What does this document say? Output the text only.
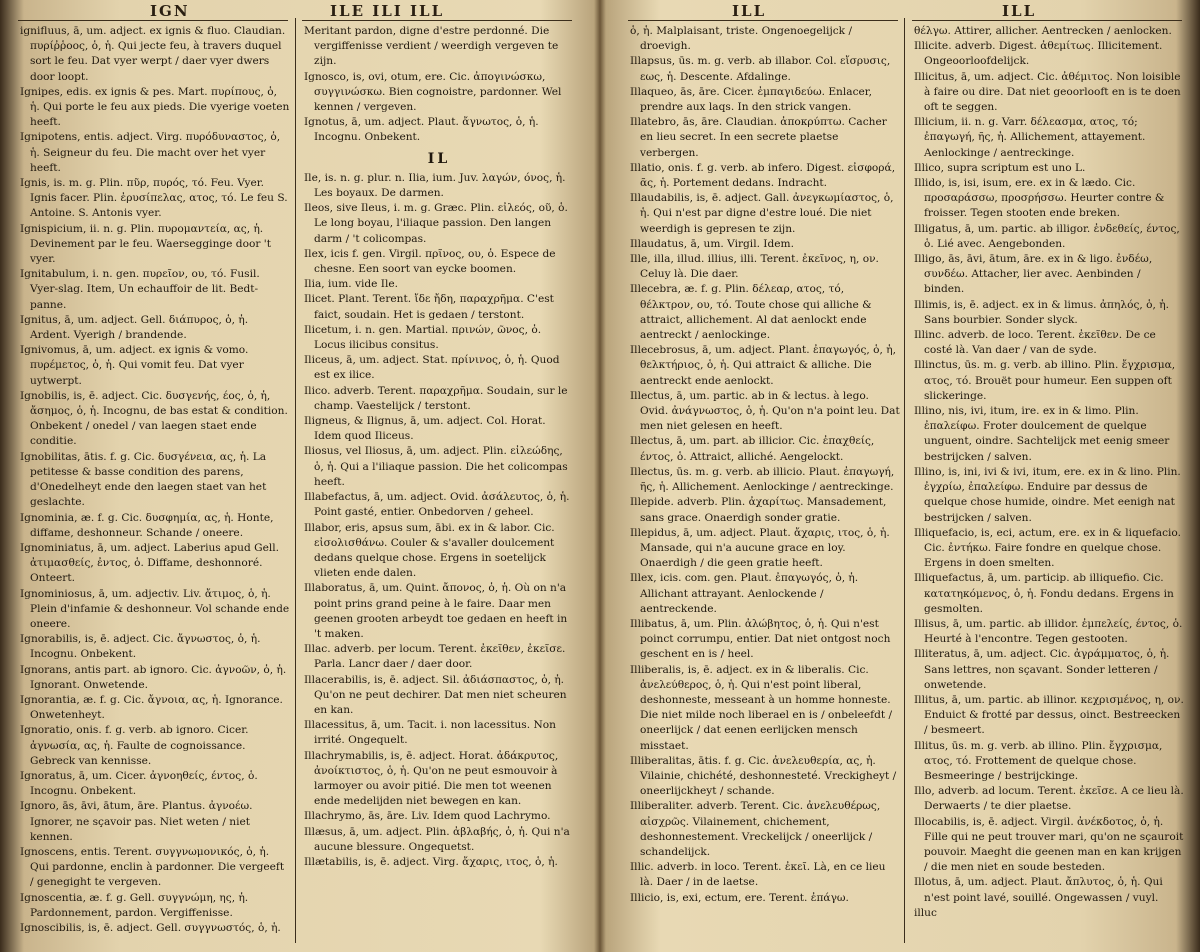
IGN	ILE ILI ILL

ignifluus, ā, um. adject. ex ignis & fluo. Claudian. πυρίῤῥοος, ὁ, ἡ. Qui jecte feu, à travers duquel sort le feu. Dat vyer werpt / daer vyer dwers door loopt.

Ignipes, edis. ex ignis & pes. Mart. πυρίπους, ὁ, ἡ. Qui porte le feu aux pieds. Die vyerige voeten heeft.

Ignipotens, entis. adject. Virg. πυρόδυναστος, ὁ, ἡ. Seigneur du feu. Die macht over het vyer heeft.

Ignis, is. m. g. Plin. πῦρ, πυρός, τό. Feu. Vyer. Ignis facer. Plin. ἐρυσίπελας, ατος, τό. Le feu S. Antoine. S. Antonis vyer.

Ignispicium, ii. n. g. Plin. πυρομαντεία, ας, ἡ. Devinement par le feu. Waersegginge door 't vyer.

Ignitabulum, i. n. gen. πυρεῖον, ου, τό. Fusil. Vyer-slag. Item, Un echauffoir de lit. Bedt-panne.

Ignitus, ā, um. adject. Gell. διάπυρος, ὁ, ἡ. Ardent. Vyerigh / brandende.

Ignivomus, ā, um. adject. ex ignis & vomo. πυρέμετος, ὁ, ἡ. Qui vomit feu. Dat vyer uytwerpt.

Ignobilis, is, ē. adject. Cic. δυσγενής, έος, ὁ, ἡ, ἄσημος, ὁ, ἡ. Incognu, de bas estat & condition. Onbekent / onedel / van laegen staet ende conditie.

Ignobilitas, ātis. f. g. Cic. δυσγένεια, ας, ἡ. La petitesse & basse condition des parens, d'Onedelheyt ende den laegen staet van het geslachte.

Ignominia, æ. f. g. Cic. δυσφημία, ας, ἡ. Honte, diffame, deshonneur. Schande / oneere.

Ignominiatus, ā, um. adject. Laberius apud Gell. ἀτιμασθείς, ἐντος, ὁ. Diffame, deshonnoré. Onteert.

Ignominiosus, ā, um. adjectiv. Liv. ἄτιμος, ὁ, ἡ. Plein d'infamie & deshonneur. Vol schande ende oneere.

Ignorabilis, is, ē. adject. Cic. ἄγνωστος, ὁ, ἡ. Incognu. Onbekent.

Ignorans, antis part. ab ignoro. Cic. ἀγνοῶν, ὁ, ἡ. Ignorant. Onwetende.

Ignorantia, æ. f. g. Cic. ἄγνοια, ας, ἡ. Ignorance. Onwetenheyt.

Ignoratio, onis. f. g. verb. ab ignoro. Cicer. ἀγνωσία, ας, ἡ. Faulte de cognoissance. Gebreck van kennisse.

Ignoratus, ā, um. Cicer. ἀγνοηθείς, έντος, ὁ. Incognu. Onbekent.

Ignoro, ās, āvi, ātum, āre. Plantus. ἀγνοέω. Ignorer, ne sçavoir pas. Niet weten / niet kennen.

Ignoscens, entis. Terent. συγγνωμονικός, ὁ, ἡ. Qui pardonne, enclin à pardonner. Die vergeeft / genegight te vergeven.

Ignoscentia, æ. f. g. Gell. συγγνώμη, ης, ἡ. Pardonnement, pardon. Vergiffenisse.

Ignoscibilis, is, ē. adject. Gell. συγγνωστός, ὁ, ἡ.

Meritant pardon, digne d'estre perdonné. Die vergiffenisse verdient / weerdigh vergeven te zijn.

Ignosco, is, ovi, otum, ere. Cic. ἀπογινώσκω, συγγινώσκω. Bien cognoistre, pardonner. Wel kennen / vergeven.

Ignotus, ā, um. adject. Plaut. ἄγνωτος, ὁ, ἡ. Incognu. Onbekent.

IL

Ile, is. n. g. plur. n. Ilia, ium. Juv. λαγών, όνος, ἡ. Les boyaux. De darmen.

Ileos, sive Ileus, i. m. g. Græc. Plin. εἰλεός, οῦ, ὁ. Le long boyau, l'iliaque passion. Den langen darm / 't colicompas.

Ilex, icis f. gen. Virgil. πρῖνος, ου, ὁ. Espece de chesne. Een soort van eycke boomen.

Ilia, ium. vide Ile.

Ilicet. Plant. Terent. ἴδε ἤδη, παραχρῆμα. C'est faict, soudain. Het is gedaen / terstont.

Ilicetum, i. n. gen. Martial. πρινών, ῶνος, ὁ. Locus ilicibus consitus.

Iliceus, ā, um. adject. Stat. πρίνινος, ὁ, ἡ. Quod est ex ilice.

Ilico. adverb. Terent. παραχρῆμα. Soudain, sur le champ. Vaestelijck / terstont.

Iligneus, & Ilignus, ā, um. adject. Col. Horat. Idem quod Iliceus.

Iliosus, vel Iliosus, ā, um. adject. Plin. εἰλεώδης, ὁ, ἡ. Qui a l'iliaque passion. Die het colicompas heeft.

Illabefactus, ā, um. adject. Ovid. ἀσάλευτος, ὁ, ἡ. Point gasté, entier. Onbedorven / geheel.

Illabor, eris, apsus sum, ābi. ex in & labor. Cic. εἰσολισθάνω. Couler & s'avaller doulcement dedans quelque chose. Ergens in soetelijck vlieten ende dalen.

Illaboratus, ā, um. Quint. ἄπονος, ὁ, ἡ. Où on n'a point prins grand peine à le faire. Daar men geenen grooten arbeydt toe gedaen en heeft in 't maken.

Illac. adverb. per locum. Terent. ἐκεῖθεν, ἐκεῖσε. Parla. Lancr daer / daer door.

Illacerabilis, is, ē. adject. Sil. ἀδιάσπαστος, ὁ, ἡ. Qu'on ne peut dechirer. Dat men niet scheuren en kan.

Illacessitus, ā, um. Tacit. i. non lacessitus. Non irrité. Ongequelt.

Illachrymabilis, is, ē. adject. Horat. ἀδάκρυτος, ἀνοίκτιστος, ὁ, ἡ. Qu'on ne peut esmouvoir à larmoyer ou avoir pitié. Die men tot weenen ende medelijden niet bewegen en kan.

Illachrymo, ās, āre. Liv. Idem quod Lachrymo.

Illæsus, ā, um. adject. Plin. ἀβλαβής, ὁ, ἡ. Qui n'a aucune blessure. Ongequetst.

Illætabilis, is, ē. adject. Virg. ἄχαρις, ιτος, ὁ, ἡ.

ILL	ILL

ὁ, ἡ. Malplaisant, triste. Ongenoegelijck / droevigh.

Illapsus, ūs. m. g. verb. ab illabor. Col. εἴσρυσις, εως, ἡ. Descente. Afdalinge.

Illaqueo, ās, āre. Cicer. ἐμπαγιδεύω. Enlacer, prendre aux laqs. In den strick vangen.

Illatebro, ās, āre. Claudian. ἀποκρύπτω. Cacher en lieu secret. In een secrete plaetse verbergen.

Illatio, onis. f. g. verb. ab infero. Digest. εἰσφορά, ᾶς, ἡ. Portement dedans. Indracht.

Illaudabilis, is, ē. adject. Gall. ἀνεγκωμίαστος, ὁ, ἡ. Qui n'est par digne d'estre loué. Die niet weerdigh is gepresen te zijn.

Illaudatus, ā, um. Virgil. Idem.

Ille, illa, illud. illius, illi. Terent. ἐκεῖνος, η, ον. Celuy là. Die daer.

Illecebra, æ. f. g. Plin. δέλεαρ, ατος, τό, θέλκτρον, ου, τό. Toute chose qui alliche & attraict, allichement. Al dat aenlockt ende aentreckt / aenlockinge.

Illecebrosus, ā, um. adject. Plant. ἐπαγωγός, ὁ, ἡ, θελκτήριος, ὁ, ἡ. Qui attraict & alliche. Die aentreckt ende aenlockt.

Illectus, ā, um. partic. ab in & lectus. à lego. Ovid. ἀνάγνωστος, ὁ, ἡ. Qu'on n'a point leu. Dat men niet gelesen en heeft.

Illectus, ā, um. part. ab illicior. Cic. ἐπαχθείς, έντος, ὁ. Attraict, alliché. Aengelockt.

Illectus, ūs. m. g. verb. ab illicio. Plaut. ἐπαγωγή, ῆς, ἡ. Allichement. Aenlockinge / aentreckinge.

Illepide. adverb. Plin. ἀχαρίτως. Mansadement, sans grace. Onaerdigh sonder gratie.

Illepidus, ā, um. adject. Plaut. ἄχαρις, ιτος, ὁ, ἡ. Mansade, qui n'a aucune grace en loy. Onaerdigh / die geen gratie heeft.

Illex, icis. com. gen. Plaut. ἐπαγωγός, ὁ, ἡ. Allichant attrayant. Aenlockende / aentreckende.

Illibatus, ā, um. Plin. ἀλώβητος, ὁ, ἡ. Qui n'est poinct corrumpu, entier. Dat niet ontgost noch geschent en is / heel.

Illiberalis, is, ē. adject. ex in & liberalis. Cic. ἀνελεύθερος, ὁ, ἡ. Qui n'est point liberal, deshonneste, messeant à un homme honneste. Die niet milde noch liberael en is / onbeleefdt / oneerlijck / dat eenen eerlijcken mensch misstaet.

Illiberalitas, ātis. f. g. Cic. ἀνελευθερία, ας, ἡ. Vilainie, chichété, deshonnesteté. Vreckigheyt / oneerlijckheyt / schande.

Illiberaliter. adverb. Terent. Cic. ἀνελευθέρως, αἰσχρῶς. Vilainement, chichement, deshonnestement. Vreckelijck / oneerlijck / schandelijck.

Illic. adverb. in loco. Terent. ἐκεῖ. Là, en ce lieu là. Daer / in de laetse.

Illicio, is, exi, ectum, ere. Terent. ἐπάγω.

θέλγω. Attirer, allicher. Aentrecken / aenlocken.

Illicite. adverb. Digest. ἀθεμίτως. Illicitement. Ongeoorloofdelijck.

Illicitus, ā, um. adject. Cic. ἀθέμιτος. Non loisible à faire ou dire. Dat niet geoorlooft en is te doen oft te seggen.

Illicium, ii. n. g. Varr. δέλεασμα, ατος, τό; ἐπαγωγή, ῆς, ἡ. Allichement, attayement. Aenlockinge / aentreckinge.

Illico, supra scriptum est uno L.

Illido, is, isi, isum, ere. ex in & lædo. Cic. προσαράσσω, προσρήσσω. Heurter contre & froisser. Tegen stooten ende breken.

Illigatus, ā, um. partic. ab illigor. ἐνδεθείς, έντος, ὁ. Lié avec. Aengebonden.

Illigo, ās, āvi, ātum, āre. ex in & ligo. ἐνδέω, συνδέω. Attacher, lier avec. Aenbinden / binden.

Illimis, is, ē. adject. ex in & limus. ἀπηλός, ὁ, ἡ. Sans bourbier. Sonder slyck.

Illinc. adverb. de loco. Terent. ἐκεῖθεν. De ce costé là. Van daer / van de syde.

Illinctus, ūs. m. g. verb. ab illino. Plin. ἔγχρισμα, ατος, τό. Brouët pour humeur. Een suppen oft slickeringe.

Illino, nis, ivi, itum, ire. ex in & limo. Plin. ἐπαλείφω. Froter doulcement de quelque unguent, oindre. Sachtelijck met eenig smeer bestrijcken / salven.

Illino, is, ini, ivi & ivi, itum, ere. ex in & lino. Plin. ἐγχρίω, ἐπαλείφω. Enduire par dessus de quelque chose humide, oindre. Met eenigh nat bestrijcken / salven.

Illiquefacio, is, eci, actum, ere. ex in & liquefacio. Cic. ἐντήκω. Faire fondre en quelque chose. Ergens in doen smelten.

Illiquefactus, ā, um. particip. ab illiquefio. Cic. κατατηκόμενος, ὁ, ἡ. Fondu dedans. Ergens in gesmolten.

Illisus, ā, um. partic. ab illidor. ἐμπελείς, έντος, ὁ. Heurté à l'encontre. Tegen gestooten.

Illiteratus, ā, um. adject. Cic. ἀγράμματος, ὁ, ἡ. Sans lettres, non sçavant. Sonder letteren / onwetende.

Illitus, ā, um. partic. ab illinor. κεχρισμένος, η, ον. Enduict & frotté par dessus, oinct. Bestreecken / besmeert.

Illitus, ūs. m. g. verb. ab illino. Plin. ἔγχρισμα, ατος, τό. Frottement de quelque chose. Besmeeringe / bestrijckinge.

Illo, adverb. ad locum. Terent. ἐκεῖσε. A ce lieu là. Derwaerts / te dier plaetse.

Illocabilis, is, ē. adject. Virgil. ἀνέκδοτος, ὁ, ἡ. Fille qui ne peut trouver mari, qu'on ne sçauroit pouvoir. Maeght die geenen man en kan krijgen / die men niet en soude besteden.

Illotus, ā, um. adject. Plaut. ἄπλυτος, ὁ, ἡ. Qui n'est point lavé, souillé. Ongewassen / vuyl.

illuc
